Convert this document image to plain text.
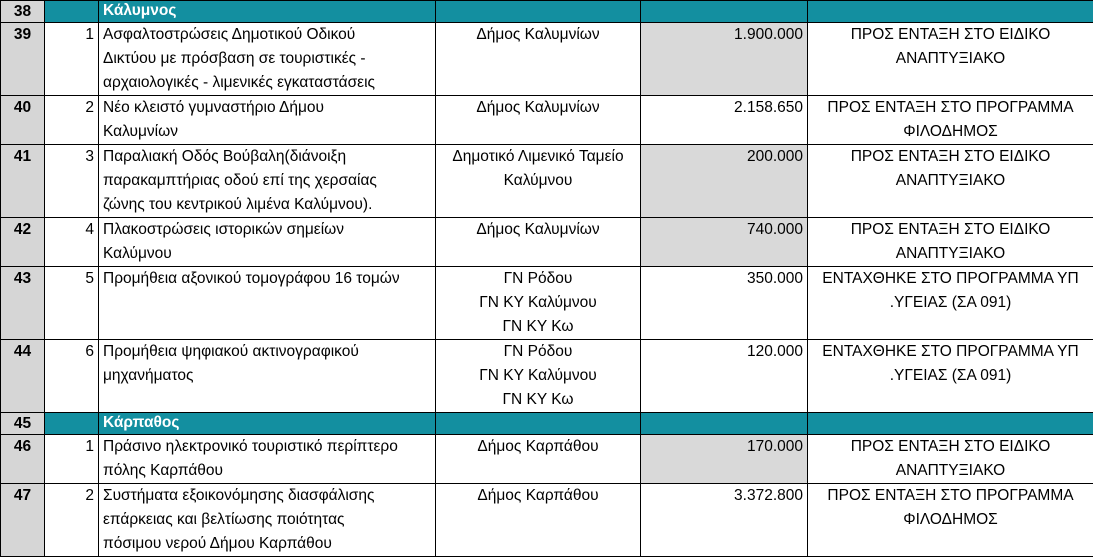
38		Κάλυμνος			
39	1	Ασφαλτοστρώσεις Δημοτικού Οδικού
Δικτύου με πρόσβαση σε τουριστικές -
αρχαιολογικές - λιμενικές εγκαταστάσεις	Δήμος Καλυμνίων	1.900.000	ΠΡΟΣ ΕΝΤΑΞΗ ΣΤΟ ΕΙΔΙΚΟ
ΑΝΑΠΤΥΞΙΑΚΟ

40	2	Νέο κλειστό γυμναστήριο Δήμου
Καλυμνίων	Δήμος Καλυμνίων	2.158.650	ΠΡΟΣ ΕΝΤΑΞΗ ΣΤΟ ΠΡΟΓΡΑΜΜΑ
ΦΙΛΟΔΗΜΟΣ

41	3	Παραλιακή Οδός Βούβαλη(διάνοιξη
παρακαμπτήριας οδού επί της χερσαίας
ζώνης του κεντρικού λιμένα Καλύμνου).	Δημοτικό Λιμενικό Ταμείο
Καλύμνου	200.000	ΠΡΟΣ ΕΝΤΑΞΗ ΣΤΟ ΕΙΔΙΚΟ
ΑΝΑΠΤΥΞΙΑΚΟ

42	4	Πλακοστρώσεις ιστορικών σημείων
Καλύμνου	Δήμος Καλυμνίων	740.000	ΠΡΟΣ ΕΝΤΑΞΗ ΣΤΟ ΕΙΔΙΚΟ
ΑΝΑΠΤΥΞΙΑΚΟ

43	5	Προμήθεια αξονικού τομογράφου 16 τομών	ΓΝ Ρόδου
ΓΝ ΚΥ Καλύμνου
ΓΝ ΚΥ Κω	350.000	ΕΝΤΑΧΘΗΚΕ ΣΤΟ ΠΡΟΓΡΑΜΜΑ ΥΠ
.ΥΓΕΙΑΣ (ΣΑ 091)

44	6	Προμήθεια ψηφιακού ακτινογραφικού
μηχανήματος	ΓΝ Ρόδου
ΓΝ ΚΥ Καλύμνου
ΓΝ ΚΥ Κω	120.000	ΕΝΤΑΧΘΗΚΕ ΣΤΟ ΠΡΟΓΡΑΜΜΑ ΥΠ
.ΥΓΕΙΑΣ (ΣΑ 091)

45		Κάρπαθος			
46	1	Πράσινο ηλεκτρονικό τουριστικό περίπτερο
πόλης Καρπάθου	Δήμος Καρπάθου	170.000	ΠΡΟΣ ΕΝΤΑΞΗ ΣΤΟ ΕΙΔΙΚΟ
ΑΝΑΠΤΥΞΙΑΚΟ

47	2	Συστήματα εξοικονόμησης διασφάλισης
επάρκειας και βελτίωσης ποιότητας
πόσιμου νερού Δήμου Καρπάθου	Δήμος Καρπάθου	3.372.800	ΠΡΟΣ ΕΝΤΑΞΗ ΣΤΟ ΠΡΟΓΡΑΜΜΑ
ΦΙΛΟΔΗΜΟΣ
